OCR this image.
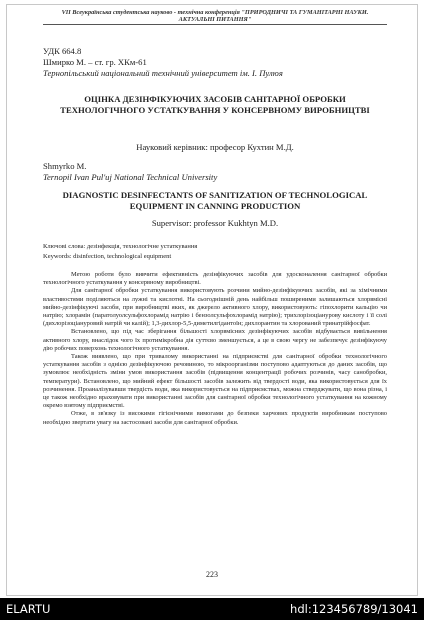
VII Всеукраїнська студентська науково - технічна конференція "ПРИРОДНИЧІ ТА ГУМАНІТАРНІ НАУКИ. АКТУАЛЬНІ ПИТАННЯ"
УДК 664.8
Шмирко М. – ст. гр. ХКм-61
Тернопільський національний технічний університет ім. І. Пулюя
ОЦІНКА ДЕЗІНФІКУЮЧИХ ЗАСОБІВ САНІТАРНОЇ ОБРОБКИ ТЕХНОЛОГІЧНОГО УСТАТКУВАННЯ У КОНСЕРВНОМУ ВИРОБНИЦТВІ
Науковий керівник: професор Кухтин М.Д.
Shmyrko M.
Ternopil Ivan Pul'uj National Technical University
DIAGNOSTIC DESINFECTANTS OF SANITIZATION OF TECHNOLOGICAL EQUIPMENT IN CANNING PRODUCTION
Supervisor: professor Kukhtyn M.D.
Ключові слова: дезінфекція, технологічне устаткування
Keywords: disinfection, technological equipment

Метою роботи було вивчити ефективність дезінфікуючих засобів для удосконалення санітарної обробки технологічного устаткування у консервному виробництві.

Для санітарної обробки устаткування використовують розчини мийно-дезінфікуючих засобів, які за хімічними властивостями поділяються на лужні та кислотні. На сьогоднішній день найбільш поширеними залишаються хлорвмісні мийно-дезінфікуючі засоби, при виробництві яких, як джерело активного хлору, використовують: гіпохлорити кальцію чи натрію; хлорамін (паратолуолсульфохлорамід натрію і бензолсульфохлорамід натрію); трихлорізоціанурову кислоту і її солі (дихлорізоціануровий натрій чи калій); 1,3-дихлор-5,5-диметилгідантоїн; дихлорантин та хлорований тринатрійфосфат.

Встановлено, що під час зберігання більшості хлорвмісних дезінфікуючих засобів відбувається вивільнення активного хлору, внаслідок чого їх протимікробна дія суттєво зменшується, а це в свою чергу не забезпечує дезінфікуючу дію робочих поверхонь технологічного устаткування.

Також виявлено, що при тривалому використанні на підприємстві для санітарної обробки технологічного устаткування засобів з однією дезінфікуючою речовиною, то мікроорганізми поступово адаптуються до даних засобів, що зумовлює необхідність зміни умов використання засобів (підвищення концентрації робочих розчинів, часу санобробки, температури). Встановлено, що мийний ефект більшості засобів залежить від твердості води, яка використовується для їх розчинення. Проаналізувавши твердість води, яка використовується на підприємствах, можна стверджувати, що вона різна, і це також необхідно враховувати при використанні засобів для санітарної обробки технологічного устаткування на кожному окремо взятому підприємстві.

Отже, в зв'язку із високими гігієнічними вимогами до безпеки харчових продуктів виробникам поступово необхідно звертати увагу на застосовані засоби для санітарної обробки.

223
ELARTU	hdl:123456789/13041
